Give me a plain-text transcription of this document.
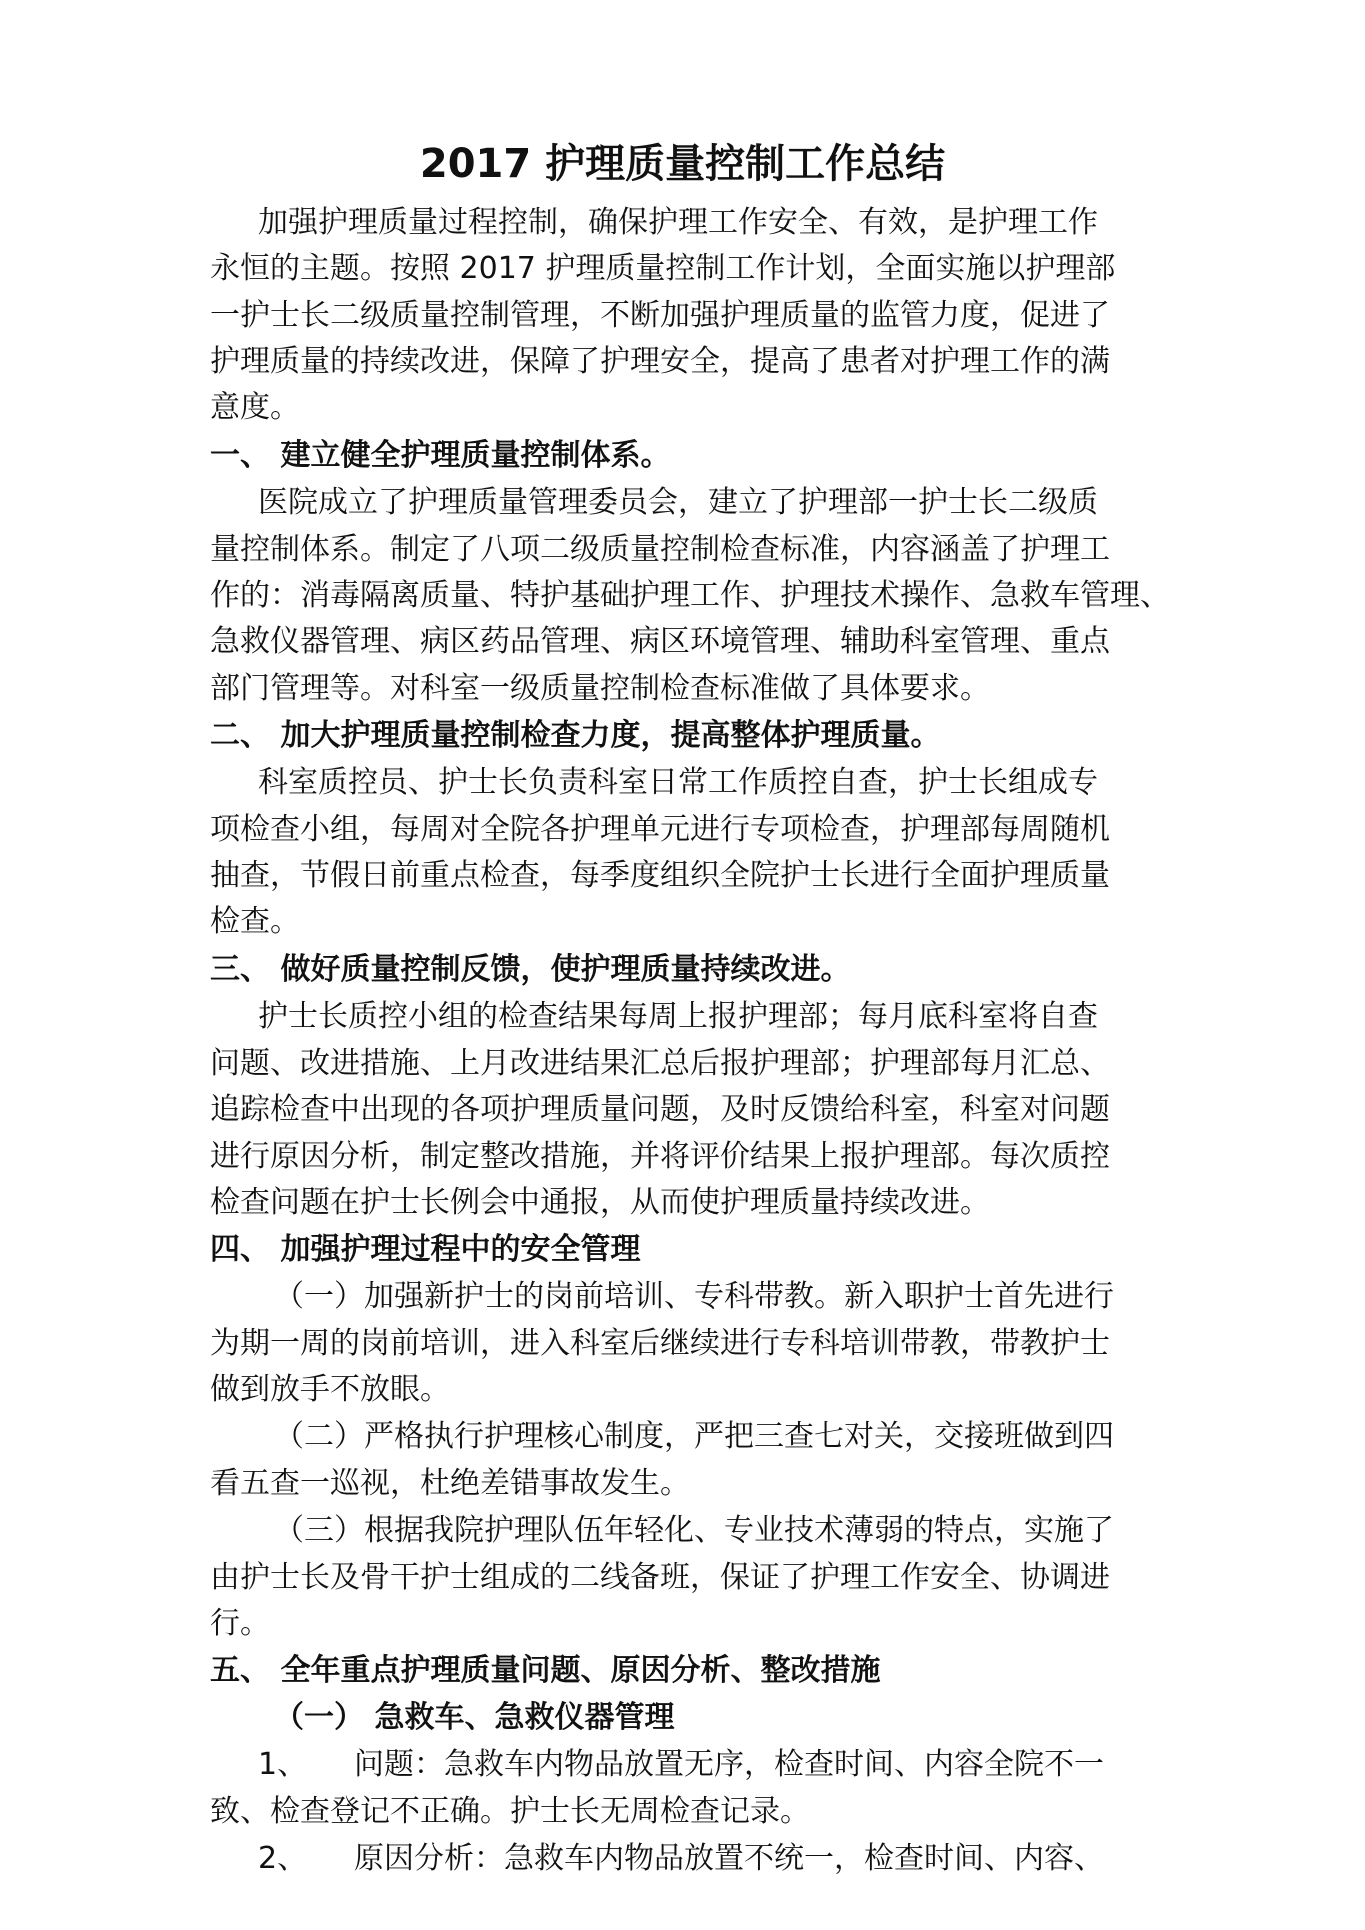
2017 护理质量控制工作总结
加强护理质量过程控制，确保护理工作安全、有效，是护理工作
永恒的主题。按照 2017 护理质量控制工作计划，全面实施以护理部
一护士长二级质量控制管理，不断加强护理质量的监管力度，促进了
护理质量的持续改进，保障了护理安全，提高了患者对护理工作的满
意度。
一、 建立健全护理质量控制体系。
医院成立了护理质量管理委员会，建立了护理部一护士长二级质
量控制体系。制定了八项二级质量控制检查标准，内容涵盖了护理工
作的：消毒隔离质量、特护基础护理工作、护理技术操作、急救车管理、
急救仪器管理、病区药品管理、病区环境管理、辅助科室管理、重点
部门管理等。对科室一级质量控制检查标准做了具体要求。
二、 加大护理质量控制检查力度，提高整体护理质量。
科室质控员、护士长负责科室日常工作质控自查，护士长组成专
项检查小组，每周对全院各护理单元进行专项检查，护理部每周随机
抽查，节假日前重点检查，每季度组织全院护士长进行全面护理质量
检查。
三、 做好质量控制反馈，使护理质量持续改进。
护士长质控小组的检查结果每周上报护理部；每月底科室将自查
问题、改进措施、上月改进结果汇总后报护理部；护理部每月汇总、
追踪检查中出现的各项护理质量问题，及时反馈给科室，科室对问题
进行原因分析，制定整改措施，并将评价结果上报护理部。每次质控
检查问题在护士长例会中通报，从而使护理质量持续改进。
四、 加强护理过程中的安全管理
（一）加强新护士的岗前培训、专科带教。新入职护士首先进行
为期一周的岗前培训，进入科室后继续进行专科培训带教，带教护士
做到放手不放眼。
（二）严格执行护理核心制度，严把三查七对关，交接班做到四
看五查一巡视，杜绝差错事故发生。
（三）根据我院护理队伍年轻化、专业技术薄弱的特点，实施了
由护士长及骨干护士组成的二线备班，保证了护理工作安全、协调进
行。
五、 全年重点护理质量问题、原因分析、整改措施
（一） 急救车、急救仪器管理
1、 问题：急救车内物品放置无序，检查时间、内容全院不一
致、检查登记不正确。护士长无周检查记录。
2、 原因分析：急救车内物品放置不统一，检查时间、内容、
